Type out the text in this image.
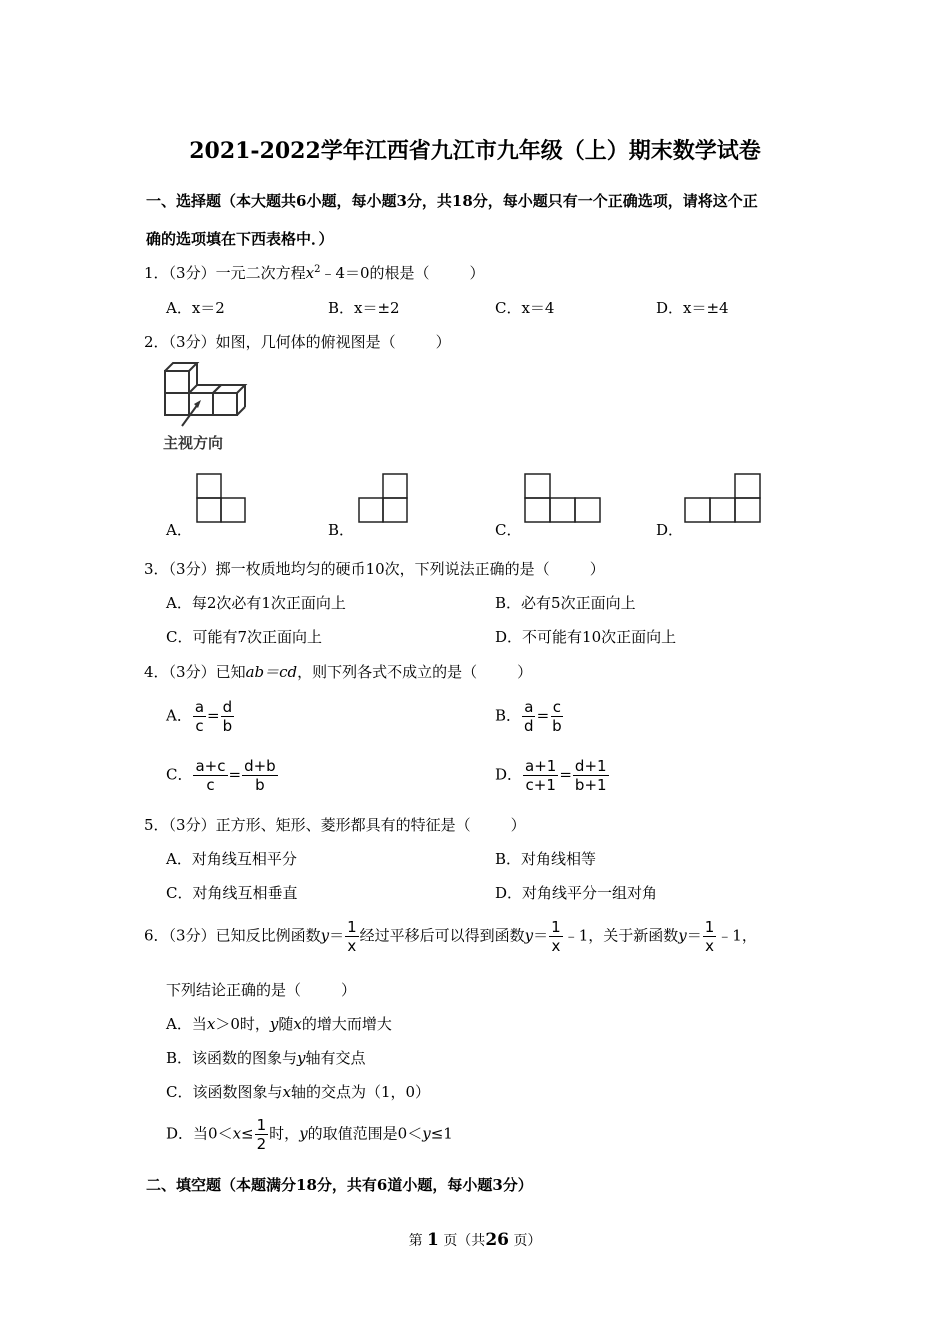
2021-2022学年江西省九江市九年级（上）期末数学试卷
一、选择题（本大题共6小题，每小题3分，共18分，每小题只有一个正确选项，请将这个正
确的选项填在下西表格中．）
1．（3分）一元二次方程$x^2﹣4=0$的根是（	）
A．x＝2	B．x＝±2	C．x＝4	D．x＝±4
2．（3分）如图，几何体的俯视图是（	）
主视方向
A．	B．	C．	D．
3．（3分）掷一枚质地均匀的硬币10次，下列说法正确的是（	）
A．每2次必有1次正面向上	B．必有5次正面向上
C．可能有7次正面向上	D．不可能有10次正面向上
4．（3分）已知ab＝cd，则下列各式不成立的是（	）
A． $\frac{a}{c} = \frac{d}{b}$	B． $\frac{a}{d} = \frac{c}{b}$
C． $\frac{a+c}{c} = \frac{d+b}{b}$	D． $\frac{a+1}{c+1} = \frac{d+1}{b+1}$
5．（3分）正方形、矩形、菱形都具有的特征是（	）
A．对角线互相平分	B．对角线相等
C．对角线互相垂直	D．对角线平分一组对角
6．（3分）已知反比例函数$y= \frac{1}{x}$ 经过平移后可以得到函数$y= \frac{1}{x}$ ﹣1，关于新函数$y= \frac{1}{x}$ ﹣1，
下列结论正确的是（	）
A．当x＞0时，y随x的增大而增大
B．该函数的图象与y轴有交点
C．该函数图象与x轴的交点为（1，0）
D．当$0<x\le \frac{1}{2}$ 时，y的取值范围是0＜y≤1
二、填空题（本题满分18分，共有6道小题，每小题3分）
第 1 页（共26 页）
